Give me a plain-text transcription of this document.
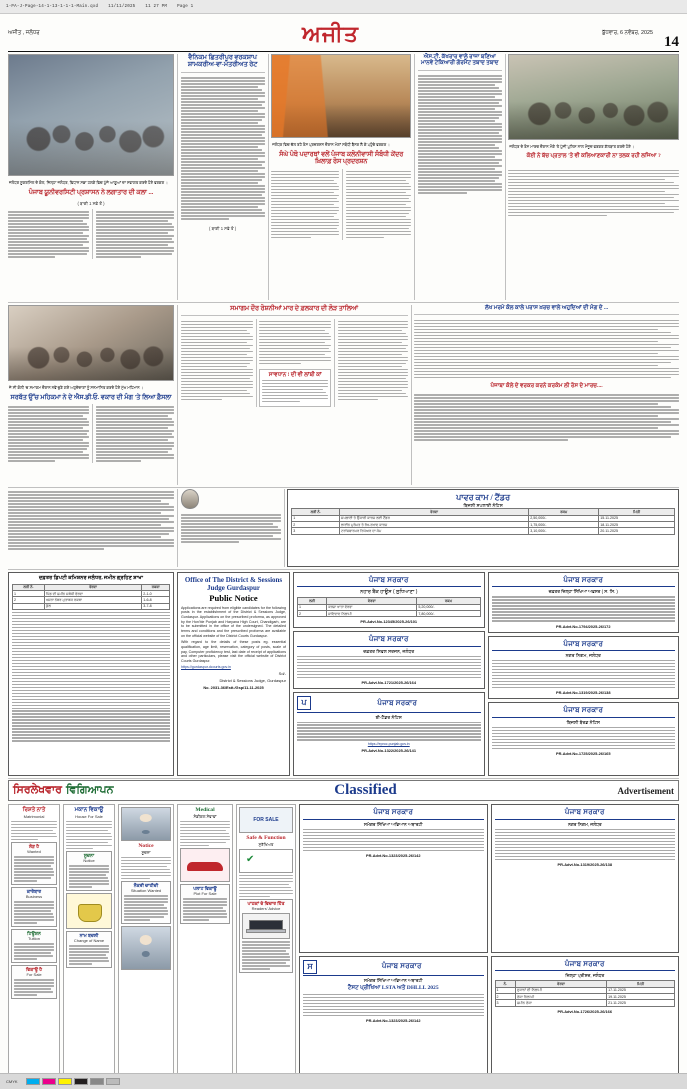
1-PA-J-Page-14-1-13-1-1-1-Main.qxd 11/11/2025 11 27 PM Page 1
ਅਜੀਤ , ਜਲੰਧਰ	ਅਜੀਤ	ਬੁੱਧਵਾਰ, 6 ਨਵੰਬਰ, 2025
14
ਜਲੰਧਰ ਸ਼ੂਗਰਮਿੱਲ ਦੇ ਕੋਲ, ਜ਼ਿਲ੍ਹਾ ਜਲੰਧਰ, ਵਿਧਾਨ ਸਭਾ ਹਲਕੇ ਵਿਚ ਪੁੱਜੇ ਆਗੂਆਂ ਦਾ ਸਵਾਗਤ ਕਰਦੇ ਹੋਏ ਵਰਕਰ ।
ਪੰਜਾਬ ਯੂਨੀਵਰਸਿਟੀ ਪ੍ਰਸ਼ਾਸਨ ਨੇ ਲਗਾਤਾਰ ਦੀ ਕਲਾ ...
( ਬਾਕੀ 1 ਸਫ਼ੇ ਤੋਂ )
ਵੈਨਿਕਮ ਛਿਤਰੀਪੁਰ ਵਰਕਸ਼ਾਪ ਸ਼ਾਮਕਰੀਅ-ਵਾ-ਮੰਤਰੀਅਤ ਰੇਟ
( ਬਾਕੀ 1 ਸਫ਼ੇ ਤੋਂ )
ਜਲੰਧਰ ਵਿਚ ਚੱਲ ਰਹੇ ਰੋਸ ਪ੍ਰਦਰਸ਼ਨ ਦੌਰਾਨ ਮੰਗਾਂ ਸਬੰਧੀ ਬੈਨਰ ਲੈ ਕੇ ਪਹੁੰਚੇ ਵਰਕਰ ।
ਸੰਘੇ ਪੰਥੋ ਪਦਾਰਥਾਂ ਵਲੋਂ ਪੰਜਾਬ ਕਲੋਨੀਵਾਸੀ ਸੰਬੰਧੀ ਕੇਂਦਰ ਖ਼ਿਲਾਫ਼ ਰੋਸ ਪ੍ਰਦਰਸ਼ਨ
ਐਸ.ਟੀ. ਕੱਖਰਾਰ ਵਾਲੇ ਰਾਜਾ ਬਣਿਆ ਮਾਨਵੇ ਟੇਕਿਆਰੀ ਗੋਰਮੈਂਟ ਤਬਾਦ ਤਬਾਦ
ਜਲੰਧਰ ਦੇ ਰੋਸ ਮਾਰਚ ਦੌਰਾਨ ਮੌਕੇ 'ਤੇ ਪੁੱਜੀ ਪੁਲਿਸ ਨਾਲ ਮੌਜੂਦ ਵਰਕਰ ਗੱਲਬਾਤ ਕਰਦੇ ਹੋਏ ।
ਕੋਈ ਨੇ ਬੱਚ ਪ੍ਰਤਾਲ 'ਤੇ ਵੀ ਕਲਿਆਣਕਾਰੀ ਨਾ ਤਲਕ ਰਹੀ ਲਜਿਆ ?
ਜੇ ਸੀ ਕੋਲੀ 'ਚ ਸਮਾਗਮ ਦੌਰਾਨ ਨਵੇਂ ਚੁਣੇ ਗਏ ਅਹੁਦੇਦਾਰਾਂ ਨੂੰ ਸਨਮਾਨਿਤ ਕਰਦੇ ਹੋਏ ਮੁੱਖ ਮਹਿਮਾਨ ।
ਸਰਬੱਤ ਉੱਚ ਮਹਿਕਮਾ ਨੇ ਦੇ ਐਸ.ਡੀ.ਓ. ਵਕਾਰ ਦੀ ਮੰਗ 'ਤੇ ਲਿਆ ਫ਼ੈਸਲਾ
ਸਮਾਗਮ ਦੌਰ ਰੋਸ਼ਨੀਆਂ ਮਾਰ ਦੇ ਫ਼ਲਕਾਰ ਦੀ ਲੋੜ ਤਾਲਿਆਂ
ਸਾਵਧਾਨ ! ਦੀ ਵੀ ਲਾਂਬੀ ਕਾਂ
ਲੱਖ ਮਰਮੇ ਕੋਲ ਕਾਲੇ ਪਰਾਸ ਖ਼ਰਚ ਵਾਲੇ ਅਹੁਦਿਆਂ ਦੀ ਮੰਗ ਦੇ ...
ਪੰਜਾਬਾ ਕੋਲੇ ਦੇ ਵਰਕਰ ਕਰਨੇ ਕਰਕੇਮ ਲੀ ਰੋਸ ਦੇ ਮਾਰਚ....
ਪਾਵਰ ਕਾਮ / ਟੈਂਡਰ
ਬਿਜਲੀ ਸਪਲਾਈ ਨੋਟਿਸ
ਲੜੀ ਨੰ.	ਵੇਰਵਾ	ਰਕਮ	ਮਿਤੀ
1	ਸਪਲਾਈ ਤੇ ਉਸਾਰੀ ਕਾਰਜ ਲਈ ਟੈਂਡਰ	2,50,000/-	15.11.2025
2	ਲਾਈਨ ਮੁਰੰਮਤ ਤੇ ਰੱਖ-ਰਖਾਵ ਕਾਰਜ	1,75,000/-	18.11.2025
3	ਟਰਾਂਸਫਾਰਮਰ ਰਿਪੇਅਰ ਦਾ ਕੰਮ	3,10,000/-	20.11.2025
ਦਫ਼ਤਰ ਡਿਪਟੀ ਕਮਿਸ਼ਨਰ ਜਲੰਧਰ, ਜਮੀਨ ਗ੍ਰਹਿਣ ਸ਼ਾਖਾ
ਲੜੀ ਨੰ.	ਵੇਰਵਾ	ਰਕਬਾ
1	ਪਿੰਡ ਦੀ ਜ਼ਮੀਨ ਸਬੰਧੀ ਵੇਰਵਾ	2-1-0
2	ਖਸਰਾ ਨੰਬਰ ਮੁਤਾਬਕ ਰਕਬਾ	1-6-8
	ਕੁੱਲ	3-7-8
Office of The District & Sessions Judge Gurdaspur
Public Notice
Applications are required from eligible candidates for the following posts in the establishment of the District & Sessions Judge, Gurdaspur. Applications on the prescribed proforma, as approved by the Hon'ble Punjab and Haryana High Court, Chandigarh, are to be submitted in the office of the undersigned. The detailed terms and conditions and the prescribed proforma are available on the official website of the District Courts Gurdaspur.
With regard to the details of these posts eg. essential qualification, age limit, reservation, category of posts, scale of pay, Computer proficiency test, last date of receipt of applications and other particulars, please visit the official website of District Courts Gurdaspur.
https://gurdaspur.dcourts.gov.in
Sd/-
District & Sessions Judge, Gurdaspur
No. 2031-36/Estt./Gsp/11-11-2025
ਪੰਜਾਬ ਸਰਕਾਰ
ਨਹਾਰ ਬੈਂਕ ਹਾਊਸ ( ਲੁਧਿਆਣਾ )
ਲੜੀ	ਵੇਰਵਾ	ਰਕਮ
1	ਕਰਜ਼ਾ ਖਾਤਾ ਵੇਰਵਾ	5,20,000/-
2	ਜਾਇਦਾਦ ਨਿਲਾਮੀ	7,80,000/-
PR-Advt.No-12345/2025-26/101
ਪੰਜਾਬ ਸਰਕਾਰ
ਦਫ਼ਤਰ ਸਿਵਲ ਸਰਜਨ, ਜਲੰਧਰ
PR-Advt.No-1721/2025-26/164
ਪ	ਪੰਜਾਬ ਸਰਕਾਰ
ਈ-ਟੈਂਡਰ ਨੋਟਿਸ
https://eproc.punjab.gov.in
PR-Advt.No-1322/2025-26/141
ਪੰਜਾਬ ਸਰਕਾਰ
ਦਫ਼ਤਰ ਜ਼ਿਲ੍ਹਾ ਸਿੱਖਿਆ ਅਫ਼ਸਰ ( ਸ. ਸਿ. )
PR-Advt.No-1794/2025-26/172
ਪੰਜਾਬ ਸਰਕਾਰ
ਨਗਰ ਨਿਗਮ, ਜਲੰਧਰ
PR-Advt.No-1319/2025-26/138
ਪੰਜਾਬ ਸਰਕਾਰ
ਬਿਜਲੀ ਬੋਰਡ ਨੋਟਿਸ
PR-Advt.No-1725/2025-26/165
ਸਿਰਲੇਖਵਾਰ ਵਿਗਿਆਪਨ	Classified	Advertisement
ਰਿਸ਼ਤੇ ਨਾਤੇ
Matrimonial
ਲੋੜ ਹੈ
Wanted
ਕਾਰੋਬਾਰ
Business
ਟਿਊਸ਼ਨ
Tuition
ਵਿਕਾਊ ਹੈ
For Sale
ਮਕਾਨ ਵਿਕਾਊ
House For Sale
ਸੂਚਨਾ
Notice
ਨਾਮ ਬਦਲੀ
Change of Name
Notice
ਸੂਚਨਾ
ਨੌਕਰੀ ਚਾਹੀਦੀ
Situation Wanted
Medical
ਮੈਡੀਕਲ ਸੇਵਾਵਾਂ
ਪਲਾਟ ਵਿਕਾਊ
Plot For Sale
FOR SALE
Safe & Function
ਸੁਰੱਖਿਅਤ
✔
ਪਾਠਕਾਂ ਦੇ ਵਿਚਾਰ ਹਿੱਤ
Readers' Advice
ਪੰਜਾਬ ਸਰਕਾਰ
ਸਮੱਗਰ ਸਿੱਖਿਆ ਅਭਿਆਨ ਅਥਾਰਟੀ
PR-Advt.No-1323/2025-26/142
ਸ	ਪੰਜਾਬ ਸਰਕਾਰ
ਸਮੱਗਰ ਸਿੱਖਿਆ ਅਭਿਆਨ ਅਥਾਰਟੀ
ਟੈਸਟ ਪ੍ਰੀਖਿਆ LSTA ਅਤੇ DHLLL 2025
PR-Advt.No-1323/2025-26/142
ਪੰਜਾਬ ਸਰਕਾਰ
ਨਗਰ ਨਿਗਮ, ਜਲੰਧਰ
PR-Advt.No-1319/2025-26/138
ਪੰਜਾਬ ਸਰਕਾਰ
ਜ਼ਿਲ੍ਹਾ ਪ੍ਰੀਸ਼ਦ, ਜਲੰਧਰ
ਨੰ.	ਵੇਰਵਾ	ਮਿਤੀ
1	ਦੁਕਾਨਾਂ ਦੀ ਨਿਲਾਮੀ	17.11.2025
2	ਠੇਕਾ ਨਿਲਾਮੀ	19.11.2025
3	ਜ਼ਮੀਨ ਠੇਕਾ	21.11.2025
PR-Advt.No-1726/2025-26/166
CMYK
